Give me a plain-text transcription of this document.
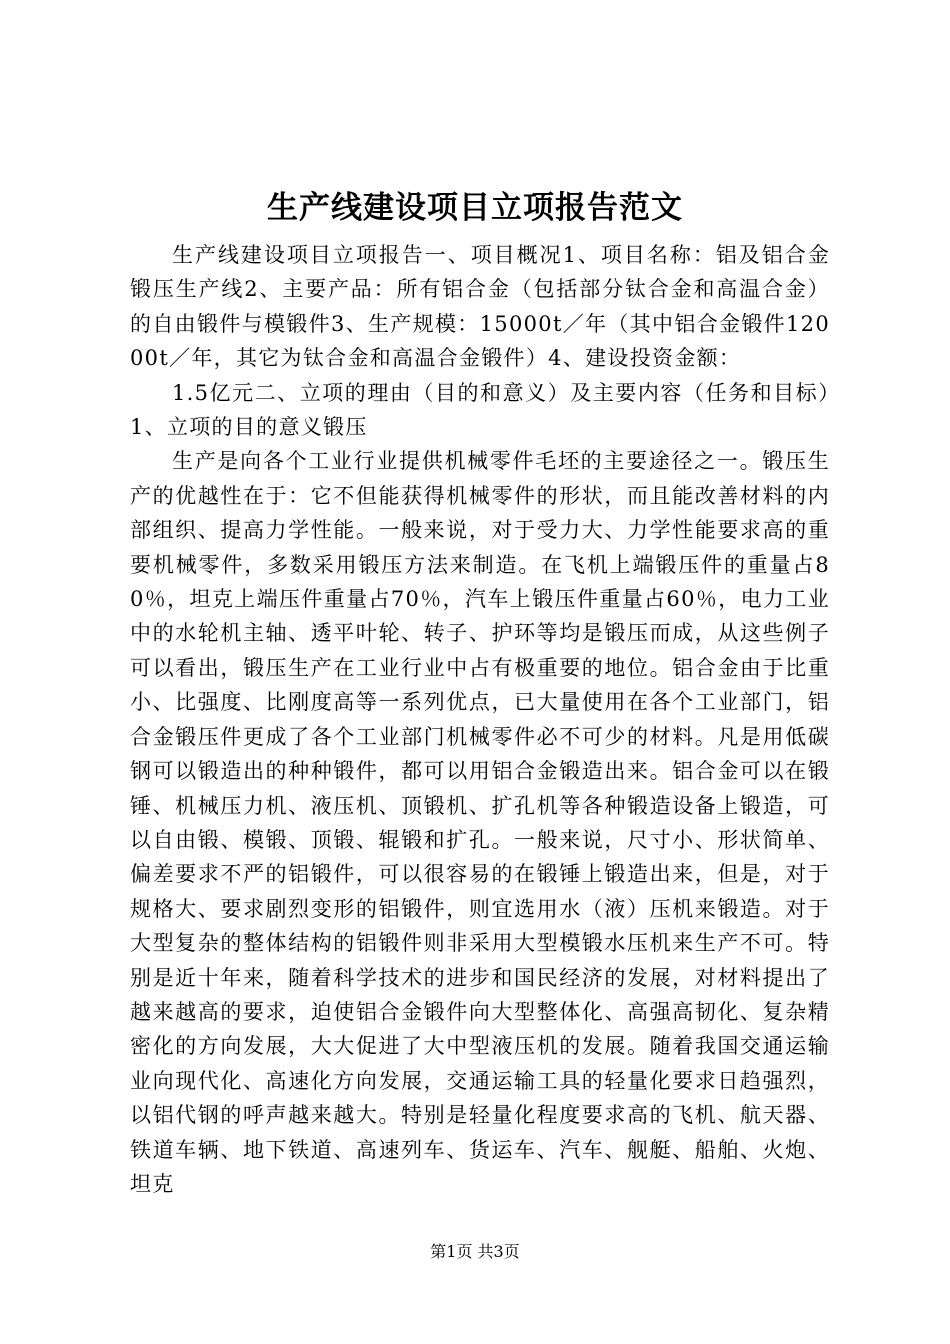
生产线建设项目立项报告范文

生产线建设项目立项报告一、项目概况1、项目名称：铝及铝合金锻压生产线2、主要产品：所有铝合金（包括部分钛合金和高温合金）的自由锻件与模锻件3、生产规模：15000t／年（其中铝合金锻件12000t／年，其它为钛合金和高温合金锻件）4、建设投资金额：

1.5亿元二、立项的理由（目的和意义）及主要内容（任务和目标）1、立项的目的意义锻压

生产是向各个工业行业提供机械零件毛坯的主要途径之一。锻压生产的优越性在于：它不但能获得机械零件的形状，而且能改善材料的内部组织、提高力学性能。一般来说，对于受力大、力学性能要求高的重要机械零件，多数采用锻压方法来制造。在飞机上端锻压件的重量占80％，坦克上端压件重量占70％，汽车上锻压件重量占60％，电力工业中的水轮机主轴、透平叶轮、转子、护环等均是锻压而成，从这些例子可以看出，锻压生产在工业行业中占有极重要的地位。铝合金由于比重小、比强度、比刚度高等一系列优点，已大量使用在各个工业部门，铝合金锻压件更成了各个工业部门机械零件必不可少的材料。凡是用低碳钢可以锻造出的种种锻件，都可以用铝合金锻造出来。铝合金可以在锻锤、机械压力机、液压机、顶锻机、扩孔机等各种锻造设备上锻造，可以自由锻、模锻、顶锻、辊锻和扩孔。一般来说，尺寸小、形状简单、偏差要求不严的铝锻件，可以很容易的在锻锤上锻造出来，但是，对于规格大、要求剧烈变形的铝锻件，则宜选用水（液）压机来锻造。对于大型复杂的整体结构的铝锻件则非采用大型模锻水压机来生产不可。特别是近十年来，随着科学技术的进步和国民经济的发展，对材料提出了越来越高的要求，迫使铝合金锻件向大型整体化、高强高韧化、复杂精密化的方向发展，大大促进了大中型液压机的发展。随着我国交通运输业向现代化、高速化方向发展，交通运输工具的轻量化要求日趋强烈，以铝代钢的呼声越来越大。特别是轻量化程度要求高的飞机、航天器、铁道车辆、地下铁道、高速列车、货运车、汽车、舰艇、船舶、火炮、坦克

第1页 共3页
